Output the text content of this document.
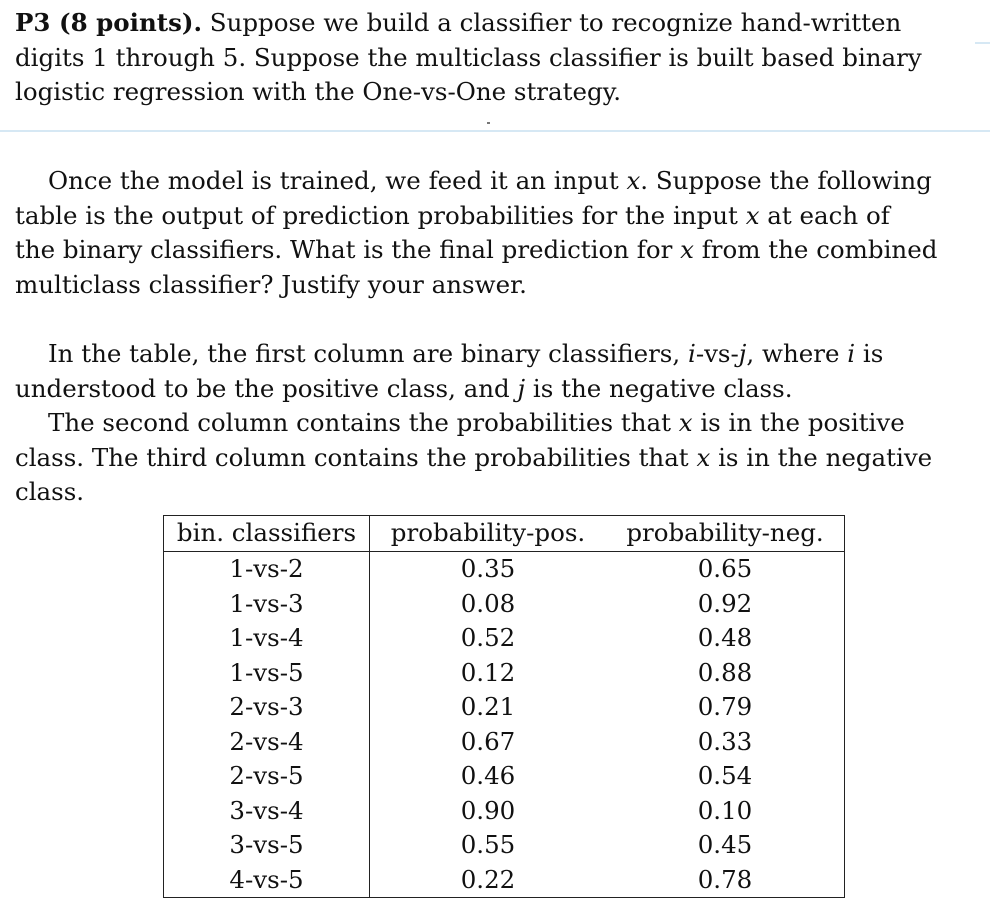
P3 (8 points). Suppose we build a classifier to recognize hand-written
digits 1 through 5. Suppose the multiclass classifier is built based binary
logistic regression with the One-vs-One strategy.
Once the model is trained, we feed it an input x. Suppose the following
table is the output of prediction probabilities for the input x at each of
the binary classifiers. What is the final prediction for x from the combined
multiclass classifier? Justify your answer.
In the table, the first column are binary classifiers, i-vs-j, where i is
understood to be the positive class, and j is the negative class.
The second column contains the probabilities that x is in the positive
class. The third column contains the probabilities that x is in the negative
class.
bin. classifiers	probability-pos.	probability-neg.
1-vs-2	0.35	0.65
1-vs-3	0.08	0.92
1-vs-4	0.52	0.48
1-vs-5	0.12	0.88
2-vs-3	0.21	0.79
2-vs-4	0.67	0.33
2-vs-5	0.46	0.54
3-vs-4	0.90	0.10
3-vs-5	0.55	0.45
4-vs-5	0.22	0.78
